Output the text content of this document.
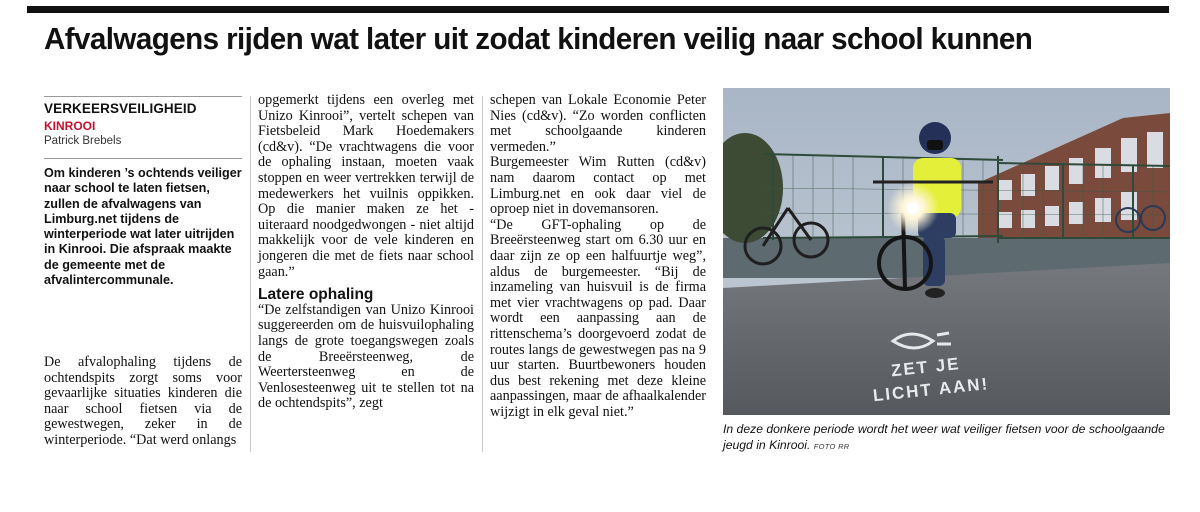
Afvalwagens rijden wat later uit zodat kinderen veilig naar school kunnen
VERKEERSVEILIGHEID
KINROOI
Patrick Brebels
Om kinderen ’s ochtends veiliger naar school te laten fietsen, zullen de afvalwagens van Limburg.net tijdens de winterperiode wat later uitrijden in Kinrooi. Die afspraak maakte de gemeente met de afvalintercommunale.

De afvalophaling tijdens de ochtendspits zorgt soms voor gevaarlijke situaties kinderen die naar school fietsen via de gewestwegen, zeker in de winterperiode. “Dat werd onlangs

opgemerkt tijdens een overleg met Unizo Kinrooi”, vertelt schepen van Fietsbeleid Mark Hoedemakers (cd&v). “De vrachtwagens die voor de ophaling instaan, moeten vaak stoppen en weer vertrekken terwijl de medewerkers het vuilnis oppikken. Op die manier maken ze het - uiteraard noodgedwongen - niet altijd makkelijk voor de vele kinderen en jongeren die met de fiets naar school gaan.”

Latere ophaling

“De zelfstandigen van Unizo Kinrooi suggereerden om de huisvuilophaling langs de grote toegangswegen zoals de Breeërsteenweg, de Weertersteenweg en de Venlosesteenweg uit te stellen tot na de ochtendspits”, zegt

schepen van Lokale Economie Peter Nies (cd&v). “Zo worden conflicten met schoolgaande kinderen vermeden.”

Burgemeester Wim Rutten (cd&v) nam daarom contact op met Limburg.net en ook daar viel de oproep niet in dovemansoren.

“De GFT-ophaling op de Breeërsteenweg start om 6.30 uur en daar zijn ze op een halfuurtje weg”, aldus de burgemeester. “Bij de inzameling van huisvuil is de firma met vier vrachtwagens op pad. Daar wordt een aanpassing aan de rittenschema’s doorgevoerd zodat de routes langs de gewestwegen pas na 9 uur starten. Buurtbewoners houden dus best rekening met deze kleine aanpassingen, maar de afhaalkalender wijzigt in elk geval niet.”

ZET JE
LICHT AAN!
In deze donkere periode wordt het weer wat veiliger fietsen voor de schoolgaande jeugd in Kinrooi. FOTO RR
